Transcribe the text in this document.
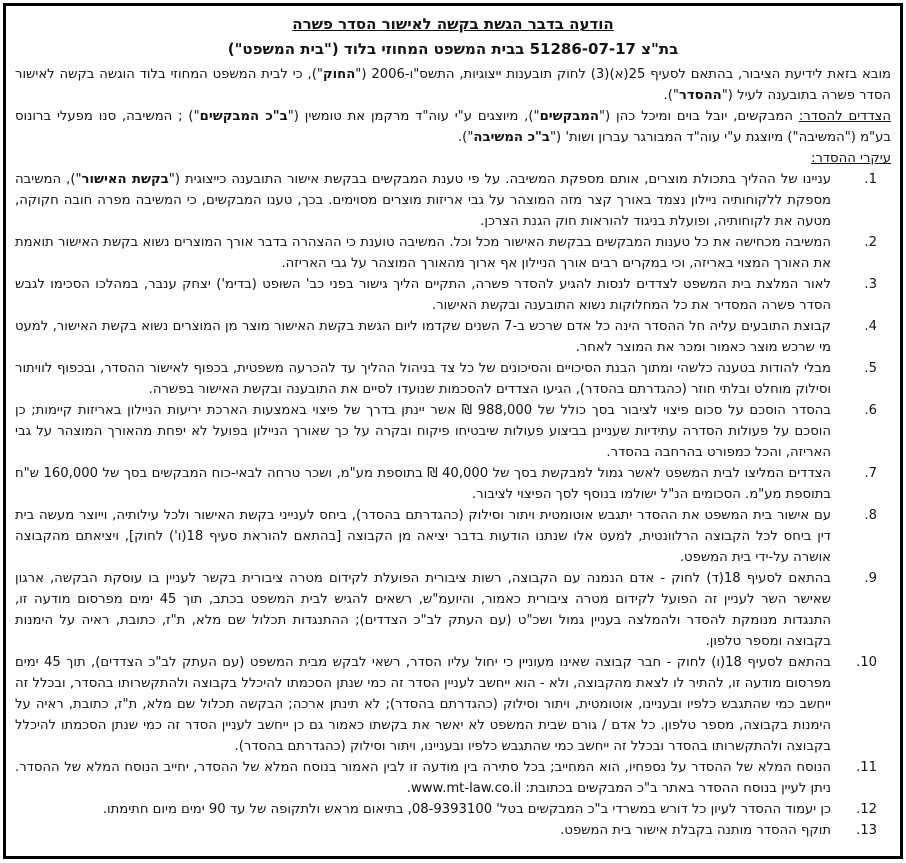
הודעה בדבר הגשת בקשה לאישור הסדר פשרה
בת"צ 51286-07-17 בבית המשפט המחוזי בלוד ("בית המשפט")

מובא בזאת לידיעת הציבור, בהתאם לסעיף 25(א)(3) לחוק תובענות ייצוגיות, התשס"ו-2006 ("החוק"), כי לבית המשפט המחוזי בלוד הוגשה בקשה לאישור הסדר פשרה בתובענה לעיל ("ההסדר").

הצדדים להסדר: המבקשים, יובל בוים ומיכל כהן ("המבקשים"), מיוצגים ע"י עוה"ד מרקמן את טומשין ("ב"כ המבקשים") ; המשיבה, סנו מפעלי ברונוס בע"מ ("המשיבה") מיוצגת ע"י עוה"ד המבורגר עברון ושות' ("ב"כ המשיבה").

עיקרי ההסדר:

1.
עניינו של ההליך בתכולת מוצרים, אותם מספקת המשיבה. על פי טענת המבקשים בבקשת אישור התובענה כייצוגית ("בקשת האישור"), המשיבה מספקת ללקוחותיה ניילון נצמד באורך קצר מזה המוצהר על גבי אריזות מוצרים מסוימים. בכך, טענו המבקשים, כי המשיבה מפרה חובה חקוקה, מטעה את לקוחותיה, ופועלת בניגוד להוראות חוק הגנת הצרכן.
2.
המשיבה מכחישה את כל טענות המבקשים בבקשת האישור מכל וכל. המשיבה טוענת כי ההצהרה בדבר אורך המוצרים נשוא בקשת האישור תואמת את האורך המצוי באריזה, וכי במקרים רבים אורך הניילון אף ארוך מהאורך המוצהר על גבי האריזה.
3.
לאור המלצת בית המשפט לצדדים לנסות להגיע להסדר פשרה, התקיים הליך גישור בפני כב' השופט (בדימ') יצחק ענבר, במהלכו הסכימו לגבש הסדר פשרה המסדיר את כל המחלוקות נשוא התובענה ובקשת האישור.
4.
קבוצת התובעים עליה חל ההסדר הינה כל אדם שרכש ב-7 השנים שקדמו ליום הגשת בקשת האישור מוצר מן המוצרים נשוא בקשת האישור, למעט מי שרכש מוצר כאמור ומכר את המוצר לאחר.
5.
מבלי להודות בטענה כלשהי ומתוך הבנת הסיכויים והסיכונים של כל צד בניהול ההליך עד להכרעה משפטית, בכפוף לאישור ההסדר, ובכפוף לוויתור וסילוק מוחלט ובלתי חוזר (כהגדרתם בהסדר), הגיעו הצדדים להסכמות שנועדו לסיים את התובענה ובקשת האישור בפשרה.
6.
בהסדר הוסכם על סכום פיצוי לציבור בסך כולל של 988,000 ₪ אשר יינתן בדרך של פיצוי באמצעות הארכת יריעות הניילון באריזות קיימות; כן הוסכם על פעולות הסדרה עתידיות שעניינן בביצוע פעולות שיבטיחו פיקוח ובקרה על כך שאורך הניילון בפועל לא יפחת מהאורך המוצהר על גבי האריזה, והכל כמפורט בהרחבה בהסדר.
7.
הצדדים המליצו לבית המשפט לאשר גמול למבקשת בסך של 40,000 ₪ בתוספת מע"מ, ושכר טרחה לבאי-כוח המבקשים בסך של 160,000 ש"ח בתוספת מע"מ. הסכומים הנ"ל ישולמו בנוסף לסך הפיצוי לציבור.
8.
עם אישור בית המשפט את ההסדר יתגבש אוטומטית ויתור וסילוק (כהגדרתם בהסדר), ביחס לענייני בקשת האישור ולכל עילותיה, וייוצר מעשה בית דין ביחס לכל הקבוצה הרלוונטית, למעט אלו שנתנו הודעות בדבר יציאה מן הקבוצה [בהתאם להוראת סעיף 18(ו') לחוק], ויציאתם מהקבוצה אושרה על-ידי בית המשפט.
9.
בהתאם לסעיף 18(ד) לחוק - אדם הנמנה עם הקבוצה, רשות ציבורית הפועלת לקידום מטרה ציבורית בקשר לעניין בו עוסקת הבקשה, ארגון שאישר השר לעניין זה הפועל לקידום מטרה ציבורית כאמור, והיועמ"ש, רשאים להגיש לבית המשפט בכתב, תוך 45 ימים מפרסום מודעה זו, התנגדות מנומקת להסדר ולהמלצה בעניין גמול ושכ"ט (עם העתק לב"כ הצדדים); ההתנגדות תכלול שם מלא, ת"ז, כתובת, ראיה על הימנות בקבוצה ומספר טלפון.
10.
בהתאם לסעיף 18(ו) לחוק - חבר קבוצה שאינו מעוניין כי יחול עליו הסדר, רשאי לבקש מבית המשפט (עם העתק לב"כ הצדדים), תוך 45 ימים מפרסום מודעה זו, להתיר לו לצאת מהקבוצה, ולא - הוא ייחשב לעניין הסדר זה כמי שנתן הסכמתו להיכלל בקבוצה ולהתקשרותו בהסדר, ובכלל זה ייחשב כמי שהתגבש כלפיו ובעניינו, אוטומטית, ויתור וסילוק (כהגדרתם בהסדר); לא תינתן ארכה; הבקשה תכלול שם מלא, ת"ז, כתובת, ראיה על הימנות בקבוצה, מספר טלפון. כל אדם / גורם שבית המשפט לא יאשר את בקשתו כאמור גם כן ייחשב לעניין הסדר זה כמי שנתן הסכמתו להיכלל בקבוצה ולהתקשרותו בהסדר ובכלל זה ייחשב כמי שהתגבש כלפיו ובעניינו, ויתור וסילוק (כהגדרתם בהסדר).
11.
הנוסח המלא של ההסדר על נספחיו, הוא המחייב; בכל סתירה בין מודעה זו לבין האמור בנוסח המלא של ההסדר, יחייב הנוסח המלא של ההסדר. ניתן לעיין בנוסח ההסדר באתר ב"כ המבקשים בכתובת: www.mt-law.co.il.
12.
כן יעמוד ההסדר לעיון כל דורש במשרדי ב"כ המבקשים בטל' 08-9393100, בתיאום מראש ולתקופה של עד 90 ימים מיום חתימתו.
13.
תוקף ההסדר מותנה בקבלת אישור בית המשפט.
